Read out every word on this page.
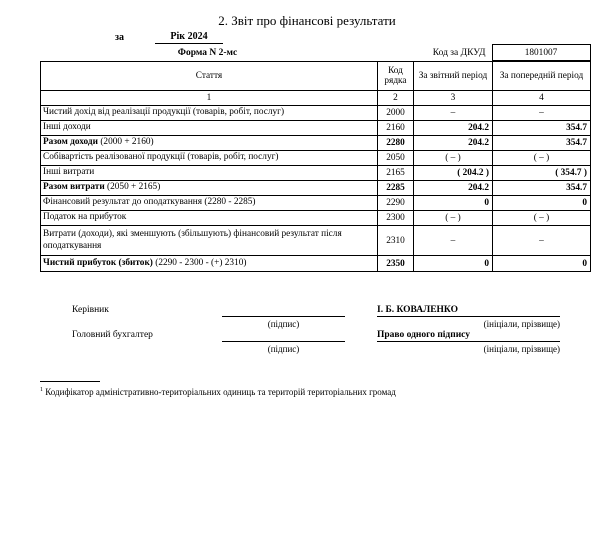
2. Звіт про фінансові результати
за	Рік 2024
Форма N 2-мс	Код за ДКУД	1801007
Стаття	Код рядка	За звітний період	За попередній період
1	2	3	4
Чистий дохід від реалізації продукції (товарів, робіт, послуг)	2000	–	–
Інші доходи	2160	204.2	354.7
Разом доходи (2000 + 2160)	2280	204.2	354.7
Собівартість реалізованої продукції (товарів, робіт, послуг)	2050	( – )	( – )
Інші витрати	2165	( 204.2 )	( 354.7 )
Разом витрати (2050 + 2165)	2285	204.2	354.7
Фінансовий результат до оподаткування (2280 - 2285)	2290	0	0
Податок на прибуток	2300	( – )	( – )
Витрати (доходи), які зменшують (збільшують) фінансовий результат після оподаткування	2310	–	–
Чистий прибуток (збиток) (2290 - 2300 - (+) 2310)	2350	0	0
Керівник	І. Б. КОВАЛЕНКО
(підпис)	(ініціали, прізвище)
Головний бухгалтер	Право одного підпису
(підпис)	(ініціали, прізвище)
$^1$ Кодифікатор адміністративно-територіальних одиниць та територій територіальних громад
